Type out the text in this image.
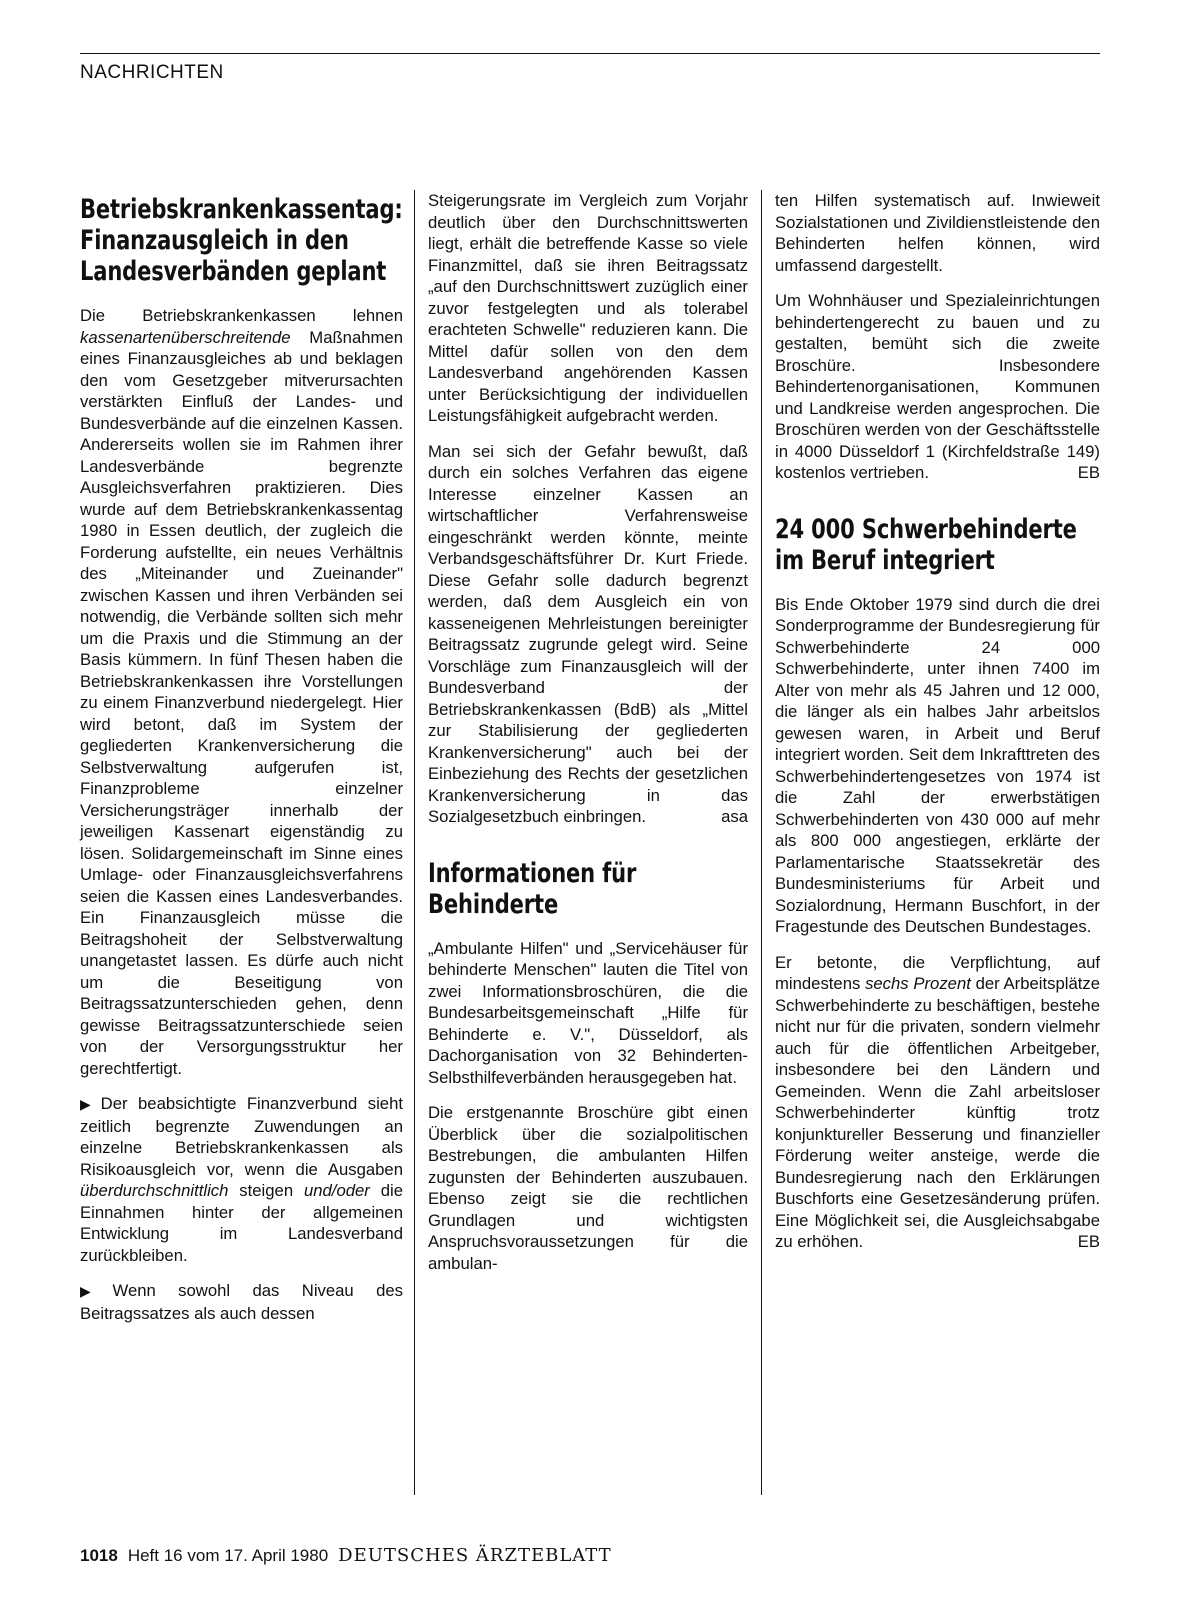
NACHRICHTEN
Betriebskrankenkassentag: Finanzausgleich in den Landesverbänden geplant

Die Betriebskrankenkassen lehnen kassenartenüberschreitende Maßnahmen eines Finanzausgleiches ab und beklagen den vom Gesetzgeber mitverursachten verstärkten Einfluß der Landes- und Bundesverbände auf die einzelnen Kassen. Andererseits wollen sie im Rahmen ihrer Landesverbände begrenzte Ausgleichsverfahren praktizieren. Dies wurde auf dem Betriebskrankenkassentag 1980 in Essen deutlich, der zugleich die Forderung aufstellte, ein neues Verhältnis des „Miteinander und Zueinander" zwischen Kassen und ihren Verbänden sei notwendig, die Verbände sollten sich mehr um die Praxis und die Stimmung an der Basis kümmern. In fünf Thesen haben die Betriebskrankenkassen ihre Vorstellungen zu einem Finanzverbund niedergelegt. Hier wird betont, daß im System der gegliederten Krankenversicherung die Selbstverwaltung aufgerufen ist, Finanzprobleme einzelner Versicherungsträger innerhalb der jeweiligen Kassenart eigenständig zu lösen. Solidargemeinschaft im Sinne eines Umlage- oder Finanzausgleichsverfahrens seien die Kassen eines Landesverbandes. Ein Finanzausgleich müsse die Beitragshoheit der Selbstverwaltung unangetastet lassen. Es dürfe auch nicht um die Beseitigung von Beitragssatzunterschieden gehen, denn gewisse Beitragssatzunterschiede seien von der Versorgungsstruktur her gerechtfertigt.

▶ Der beabsichtigte Finanzverbund sieht zeitlich begrenzte Zuwendungen an einzelne Betriebskrankenkassen als Risikoausgleich vor, wenn die Ausgaben überdurchschnittlich steigen und/oder die Einnahmen hinter der allgemeinen Entwicklung im Landesverband zurückbleiben.

▶ Wenn sowohl das Niveau des Beitragssatzes als auch dessen

Steigerungsrate im Vergleich zum Vorjahr deutlich über den Durchschnittswerten liegt, erhält die betreffende Kasse so viele Finanzmittel, daß sie ihren Beitragssatz „auf den Durchschnittswert zuzüglich einer zuvor festgelegten und als tolerabel erachteten Schwelle" reduzieren kann. Die Mittel dafür sollen von den dem Landesverband angehörenden Kassen unter Berücksichtigung der individuellen Leistungsfähigkeit aufgebracht werden.

Man sei sich der Gefahr bewußt, daß durch ein solches Verfahren das eigene Interesse einzelner Kassen an wirtschaftlicher Verfahrensweise eingeschränkt werden könnte, meinte Verbandsgeschäftsführer Dr. Kurt Friede. Diese Gefahr solle dadurch begrenzt werden, daß dem Ausgleich ein von kasseneigenen Mehrleistungen bereinigter Beitragssatz zugrunde gelegt wird. Seine Vorschläge zum Finanzausgleich will der Bundesverband der Betriebskrankenkassen (BdB) als „Mittel zur Stabilisierung der gegliederten Krankenversicherung" auch bei der Einbeziehung des Rechts der gesetzlichen Krankenversicherung in das Sozialgesetzbuch einbringen.	asa

Informationen für Behinderte

„Ambulante Hilfen" und „Servicehäuser für behinderte Menschen" lauten die Titel von zwei Informationsbroschüren, die die Bundesarbeitsgemeinschaft „Hilfe für Behinderte e. V.", Düsseldorf, als Dachorganisation von 32 Behinderten-Selbsthilfeverbänden herausgegeben hat.

Die erstgenannte Broschüre gibt einen Überblick über die sozialpolitischen Bestrebungen, die ambulanten Hilfen zugunsten der Behinderten auszubauen. Ebenso zeigt sie die rechtlichen Grundlagen und wichtigsten Anspruchsvoraussetzungen für die ambulan-

ten Hilfen systematisch auf. Inwieweit Sozialstationen und Zivildienstleistende den Behinderten helfen können, wird umfassend dargestellt.

Um Wohnhäuser und Spezialeinrichtungen behindertengerecht zu bauen und zu gestalten, bemüht sich die zweite Broschüre. Insbesondere Behindertenorganisationen, Kommunen und Landkreise werden angesprochen. Die Broschüren werden von der Geschäftsstelle in 4000 Düsseldorf 1 (Kirchfeldstraße 149) kostenlos vertrieben.	EB

24 000 Schwerbehinderte im Beruf integriert

Bis Ende Oktober 1979 sind durch die drei Sonderprogramme der Bundesregierung für Schwerbehinderte 24 000 Schwerbehinderte, unter ihnen 7400 im Alter von mehr als 45 Jahren und 12 000, die länger als ein halbes Jahr arbeitslos gewesen waren, in Arbeit und Beruf integriert worden. Seit dem Inkrafttreten des Schwerbehindertengesetzes von 1974 ist die Zahl der erwerbstätigen Schwerbehinderten von 430 000 auf mehr als 800 000 angestiegen, erklärte der Parlamentarische Staatssekretär des Bundesministeriums für Arbeit und Sozialordnung, Hermann Buschfort, in der Fragestunde des Deutschen Bundestages.

Er betonte, die Verpflichtung, auf mindestens sechs Prozent der Arbeitsplätze Schwerbehinderte zu beschäftigen, bestehe nicht nur für die privaten, sondern vielmehr auch für die öffentlichen Arbeitgeber, insbesondere bei den Ländern und Gemeinden. Wenn die Zahl arbeitsloser Schwerbehinderter künftig trotz konjunktureller Besserung und finanzieller Förderung weiter ansteige, werde die Bundesregierung nach den Erklärungen Buschforts eine Gesetzesänderung prüfen. Eine Möglichkeit sei, die Ausgleichsabgabe zu erhöhen.	EB

1018 Heft 16 vom 17. April 1980 DEUTSCHES ÄRZTEBLATT
